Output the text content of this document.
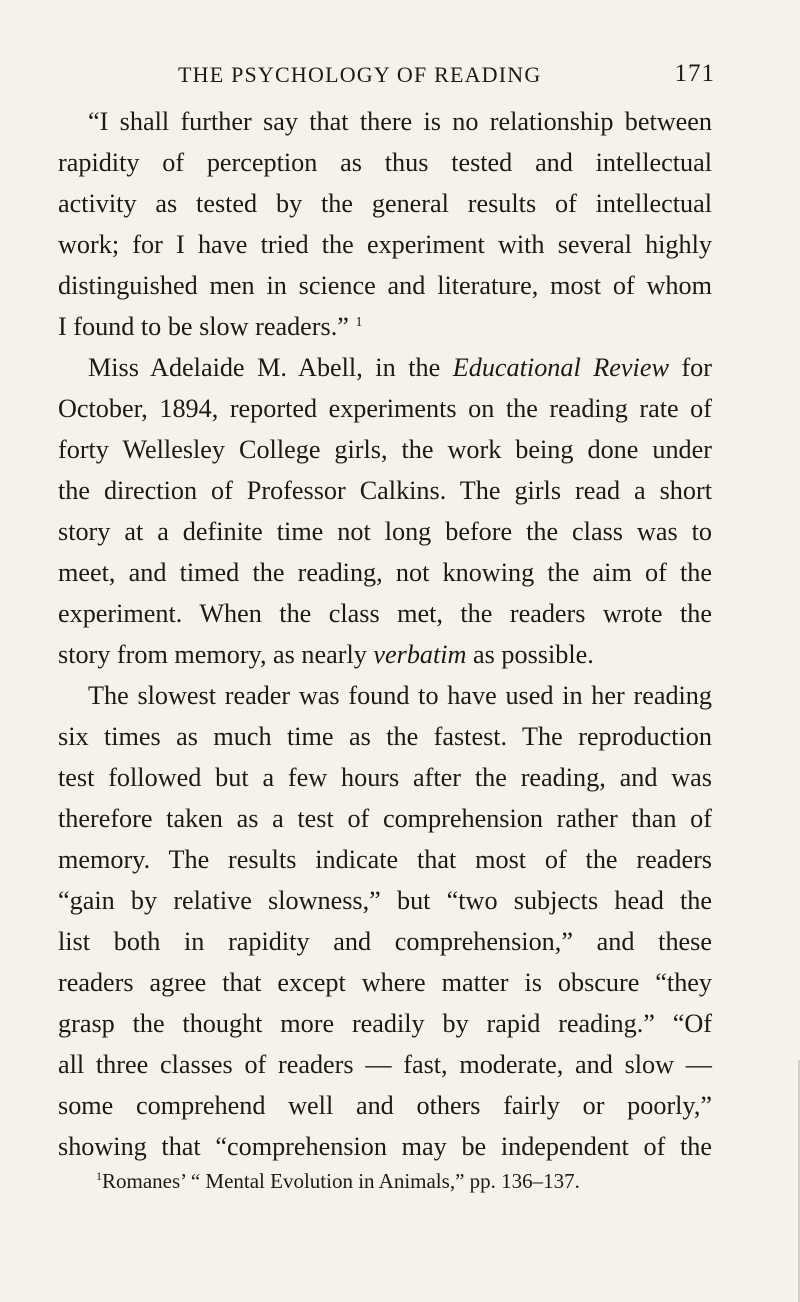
THE PSYCHOLOGY OF READING	171
“I shall further say that there is no relationship between
rapidity of perception as thus tested and intellectual
activity as tested by the general results of intellectual
work; for I have tried the experiment with several highly
distinguished men in science and literature, most of whom
I found to be slow readers.” $^1$
Miss Adelaide M. Abell, in the Educational Review for
October, 1894, reported experiments on the reading rate of
forty Wellesley College girls, the work being done under
the direction of Professor Calkins. The girls read a short
story at a definite time not long before the class was to
meet, and timed the reading, not knowing the aim of the
experiment. When the class met, the readers wrote the
story from memory, as nearly verbatim as possible.
The slowest reader was found to have used in her reading
six times as much time as the fastest. The reproduction
test followed but a few hours after the reading, and was
therefore taken as a test of comprehension rather than of
memory. The results indicate that most of the readers
“gain by relative slowness,” but “two subjects head the
list both in rapidity and comprehension,” and these
readers agree that except where matter is obscure “they
grasp the thought more readily by rapid reading.” “Of
all three classes of readers — fast, moderate, and slow —
some comprehend well and others fairly or poorly,”
showing that “comprehension may be independent of the
$^1$Romanes’ “ Mental Evolution in Animals,” pp. 136–137.
